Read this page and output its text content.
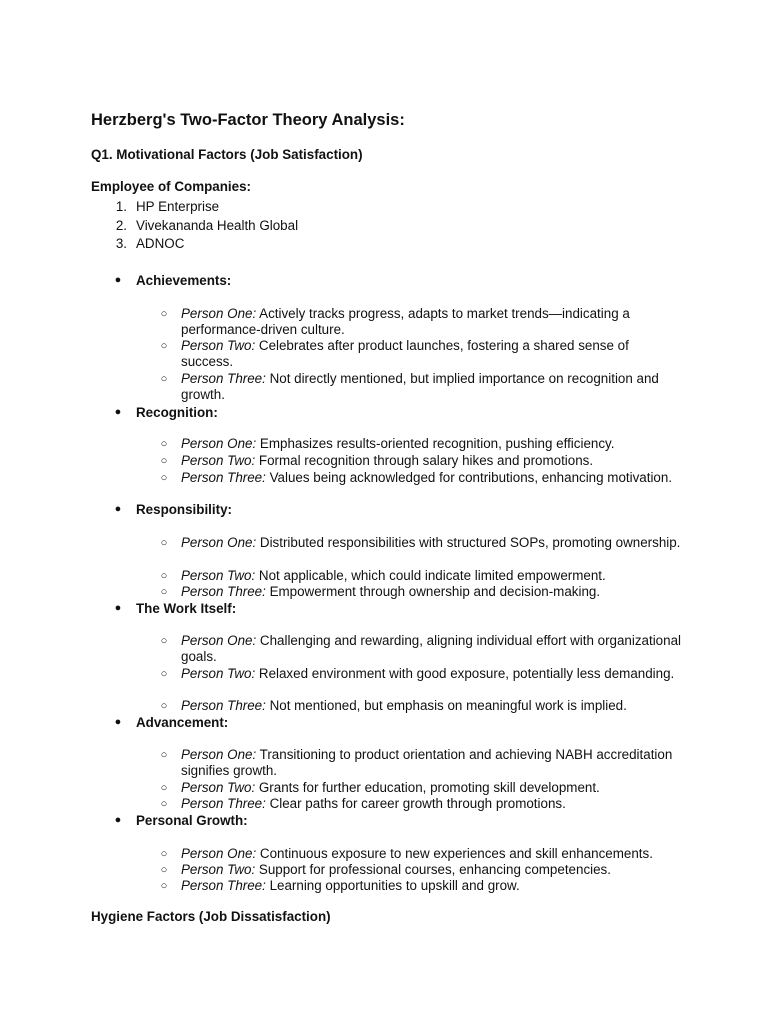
Herzberg's Two-Factor Theory Analysis:
Q1. Motivational Factors (Job Satisfaction)
Employee of Companies:
1. HP Enterprise
2. Vivekananda Health Global
3. ADNOC
● Achievements:
○ Person One: Actively tracks progress, adapts to market trends—indicating a performance-driven culture.
○ Person Two: Celebrates after product launches, fostering a shared sense of success.
○ Person Three: Not directly mentioned, but implied importance on recognition and growth.
● Recognition:
○ Person One: Emphasizes results-oriented recognition, pushing efficiency.
○ Person Two: Formal recognition through salary hikes and promotions.
○ Person Three: Values being acknowledged for contributions, enhancing motivation.
● Responsibility:
○ Person One: Distributed responsibilities with structured SOPs, promoting ownership.
○ Person Two: Not applicable, which could indicate limited empowerment.
○ Person Three: Empowerment through ownership and decision-making.
● The Work Itself:
○ Person One: Challenging and rewarding, aligning individual effort with organizational goals.
○ Person Two: Relaxed environment with good exposure, potentially less demanding.
○ Person Three: Not mentioned, but emphasis on meaningful work is implied.
● Advancement:
○ Person One: Transitioning to product orientation and achieving NABH accreditation signifies growth.
○ Person Two: Grants for further education, promoting skill development.
○ Person Three: Clear paths for career growth through promotions.
● Personal Growth:
○ Person One: Continuous exposure to new experiences and skill enhancements.
○ Person Two: Support for professional courses, enhancing competencies.
○ Person Three: Learning opportunities to upskill and grow.
Hygiene Factors (Job Dissatisfaction)
